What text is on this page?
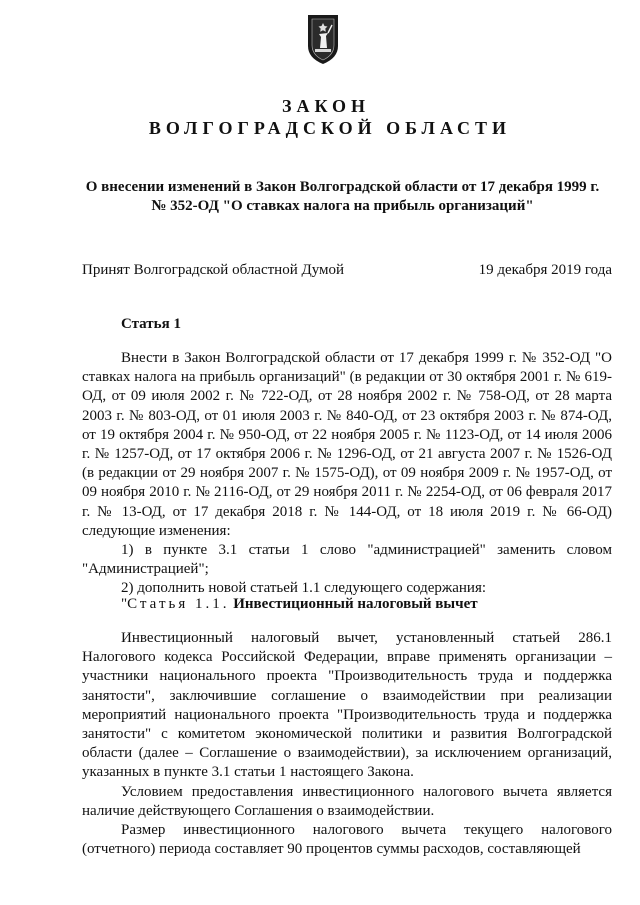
ЗАКОН
ВОЛГОГРАДСКОЙ ОБЛАСТИ
О внесении изменений в Закон Волгоградской области от 17 декабря 1999 г.
№ 352-ОД "О ставках налога на прибыль организаций"
Принят Волгоградской областной Думой	19 декабря 2019 года
Статья 1

Внести в Закон Волгоградской области от 17 декабря 1999 г. № 352-ОД "О ставках налога на прибыль организаций" (в редакции от 30 октября 2001 г. № 619-ОД, от 09 июля 2002 г. № 722-ОД, от 28 ноября 2002 г. № 758-ОД, от 28 марта 2003 г. № 803-ОД, от 01 июля 2003 г. № 840-ОД, от 23 октября 2003 г. № 874-ОД, от 19 октября 2004 г. № 950-ОД, от 22 ноября 2005 г. № 1123-ОД, от 14 июля 2006 г. № 1257-ОД, от 17 октября 2006 г. № 1296-ОД, от 21 августа 2007 г. № 1526-ОД (в редакции от 29 ноября 2007 г. № 1575-ОД), от 09 ноября 2009 г. № 1957-ОД, от 09 ноября 2010 г. № 2116-ОД, от 29 ноября 2011 г. № 2254-ОД, от 06 февраля 2017 г. № 13-ОД, от 17 декабря 2018 г. № 144-ОД, от 18 июля 2019 г. № 66-ОД) следующие изменения:

1) в пункте 3.1 статьи 1 слово "администрацией" заменить словом "Администрацией";

2) дополнить новой статьей 1.1 следующего содержания:

"Статья 1.1. Инвестиционный налоговый вычет

Инвестиционный налоговый вычет, установленный статьей 286.1 Налогового кодекса Российской Федерации, вправе применять организации – участники национального проекта "Производительность труда и поддержка занятости", заключившие соглашение о взаимодействии при реализации мероприятий национального проекта "Производительность труда и поддержка занятости" с комитетом экономической политики и развития Волгоградской области (далее – Соглашение о взаимодействии), за исключением организаций, указанных в пункте 3.1 статьи 1 настоящего Закона.

Условием предоставления инвестиционного налогового вычета является наличие действующего Соглашения о взаимодействии.

Размер инвестиционного налогового вычета текущего налогового (отчетного) периода составляет 90 процентов суммы расходов, составляющей
